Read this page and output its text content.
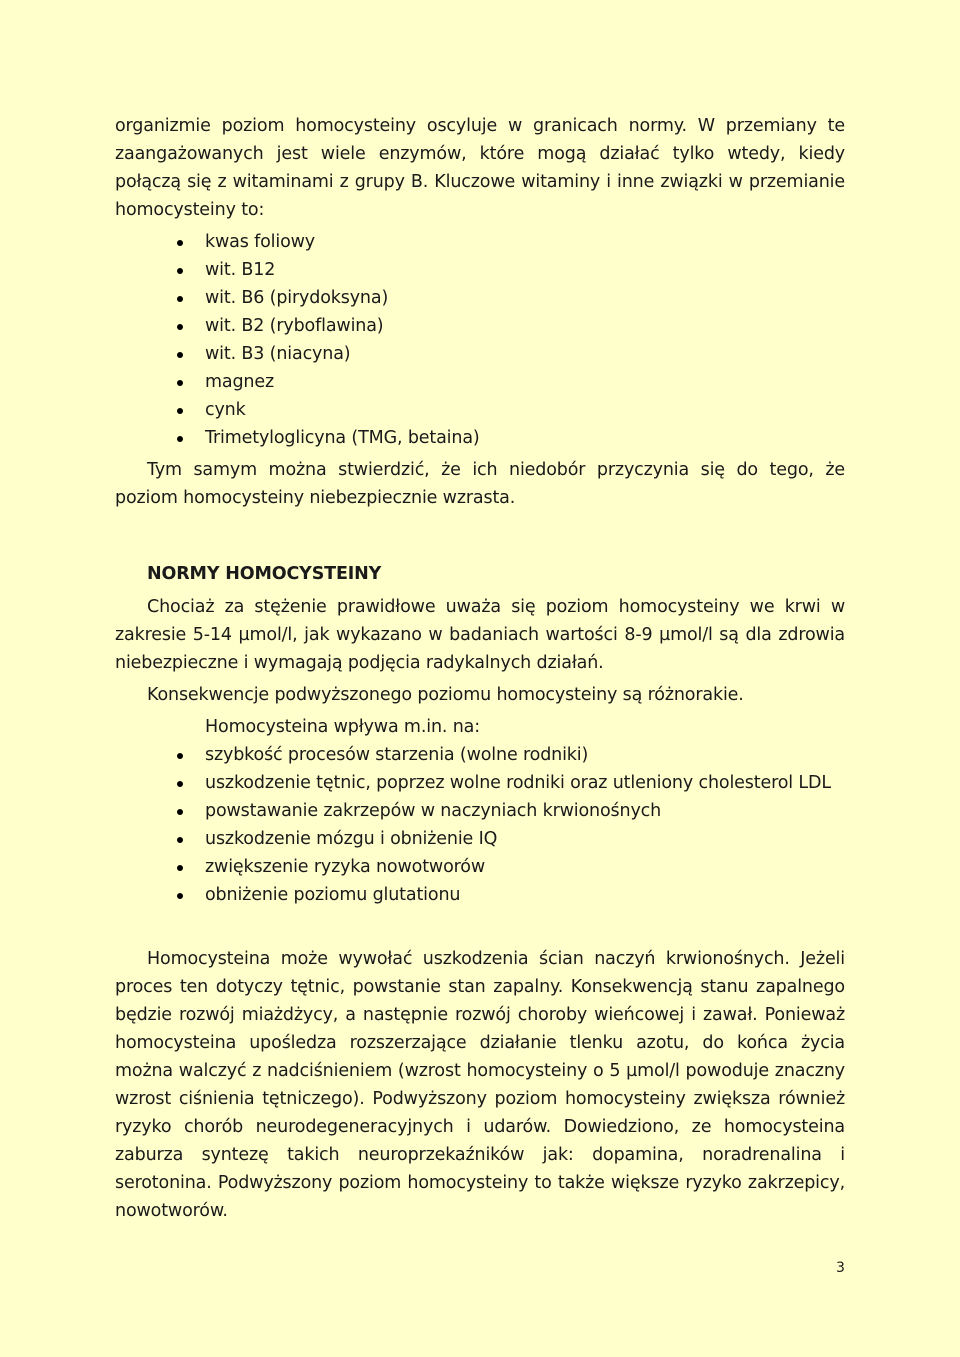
organizmie poziom homocysteiny oscyluje w granicach normy. W przemiany te zaangażowanych jest wiele enzymów, które mogą działać tylko wtedy, kiedy połączą się z witaminami z grupy B. Kluczowe witaminy i inne związki w przemianie homocysteiny to:

kwas foliowy
wit. B12
wit. B6 (pirydoksyna)
wit. B2 (ryboflawina)
wit. B3 (niacyna)
magnez
cynk
Trimetyloglicyna (TMG, betaina)

Tym samym można stwierdzić, że ich niedobór przyczynia się do tego, że poziom homocysteiny niebezpiecznie wzrasta.

NORMY HOMOCYSTEINY

Chociaż za stężenie prawidłowe uważa się poziom homocysteiny we krwi w zakresie 5-14 µmol/l, jak wykazano w badaniach wartości 8-9 µmol/l są dla zdrowia niebezpieczne i wymagają podjęcia radykalnych działań.

Konsekwencje podwyższonego poziomu homocysteiny są różnorakie.

Homocysteina wpływa m.in. na:

szybkość procesów starzenia (wolne rodniki)
uszkodzenie tętnic, poprzez wolne rodniki oraz utleniony cholesterol LDL
powstawanie zakrzepów w naczyniach krwionośnych
uszkodzenie mózgu i obniżenie IQ
zwiększenie ryzyka nowotworów
obniżenie poziomu glutationu

Homocysteina może wywołać uszkodzenia ścian naczyń krwionośnych. Jeżeli proces ten dotyczy tętnic, powstanie stan zapalny. Konsekwencją stanu zapalnego będzie rozwój miażdżycy, a następnie rozwój choroby wieńcowej i zawał. Ponieważ homocysteina upośledza rozszerzające działanie tlenku azotu, do końca życia można walczyć z nadciśnieniem (wzrost homocysteiny o 5 µmol/l powoduje znaczny wzrost ciśnienia tętniczego). Podwyższony poziom homocysteiny zwiększa również ryzyko chorób neurodegeneracyjnych i udarów. Dowiedziono, ze homocysteina zaburza syntezę takich neuroprzekaźników jak: dopamina, noradrenalina i serotonina. Podwyższony poziom homocysteiny to także większe ryzyko zakrzepicy, nowotworów.

3
